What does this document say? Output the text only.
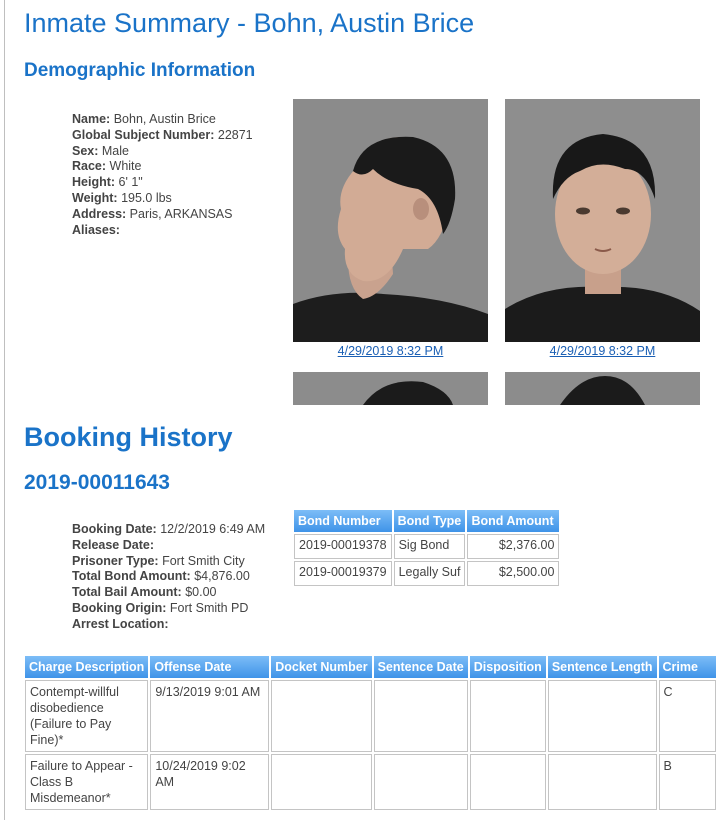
Inmate Summary - Bohn, Austin Brice
Demographic Information
Name: Bohn, Austin Brice
Global Subject Number: 22871
Sex: Male
Race: White
Height: 6' 1"
Weight: 195.0 lbs
Address: Paris, ARKANSAS
Aliases:
4/29/2019 8:32 PM	4/29/2019 8:32 PM
Booking History
2019-00011643
Booking Date: 12/2/2019 6:49 AM
Release Date:
Prisoner Type: Fort Smith City
Total Bond Amount: $4,876.00
Total Bail Amount: $0.00
Booking Origin: Fort Smith PD
Arrest Location:
Bond Number	Bond Type	Bond Amount
2019-00019378	Sig Bond	$2,376.00
2019-00019379	Legally Suf	$2,500.00
Charge Description	Offense Date	Docket Number	Sentence Date	Disposition	Sentence Length	Crime
Contempt-willful disobedience (Failure to Pay Fine)*	9/13/2019 9:01 AM					C
Failure to Appear - Class B Misdemeanor*	10/24/2019 9:02 AM					B
